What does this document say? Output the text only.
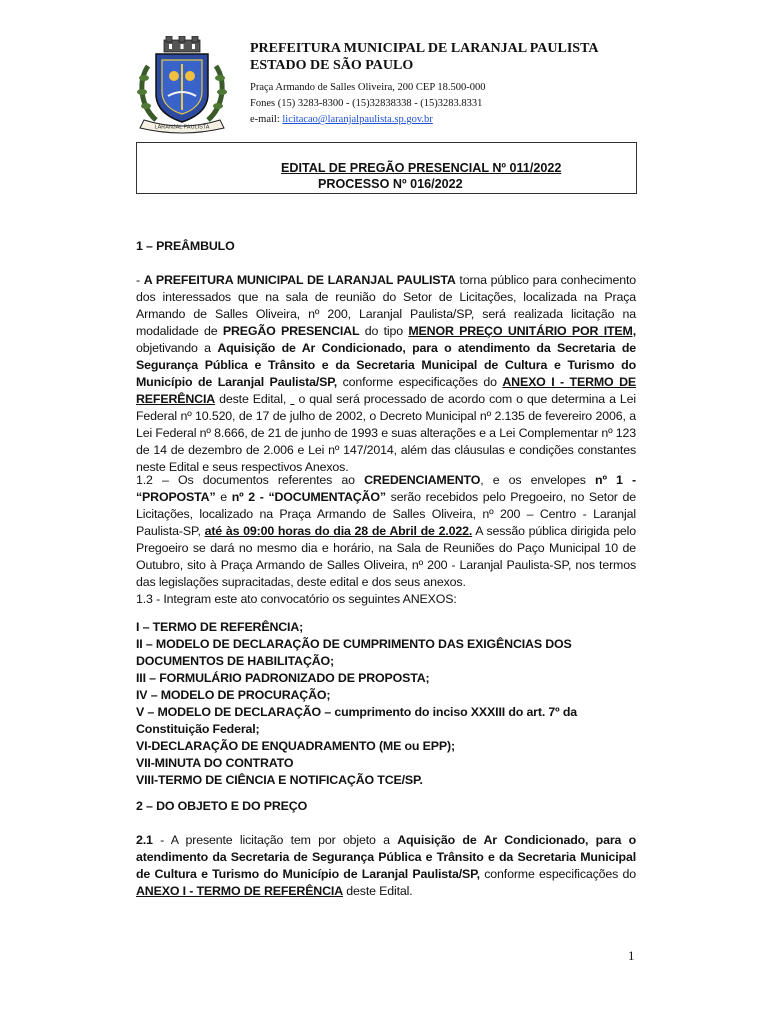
LARANJAL PAULISTA
PREFEITURA MUNICIPAL DE LARANJAL PAULISTA
ESTADO DE SÃO PAULO
Praça Armando de Salles Oliveira, 200 CEP 18.500-000
Fones (15) 3283-8300 - (15)32838338 - (15)3283.8331
e-mail: licitacao@laranjalpaulista.sp.gov.br
EDITAL DE PREGÃO PRESENCIAL Nº 011/2022
PROCESSO Nº 016/2022
1 – PREÂMBULO

- A PREFEITURA MUNICIPAL DE LARANJAL PAULISTA torna público para conhecimento dos interessados que na sala de reunião do Setor de Licitações, localizada na Praça Armando de Salles Oliveira, nº 200, Laranjal Paulista/SP, será realizada licitação na modalidade de PREGÃO PRESENCIAL do tipo MENOR PREÇO UNITÁRIO POR ITEM, objetivando a Aquisição de Ar Condicionado, para o atendimento da Secretaria de Segurança Pública e Trânsito e da Secretaria Municipal de Cultura e Turismo do Município de Laranjal Paulista/SP, conforme especificações do ANEXO I - TERMO DE REFERÊNCIA deste Edital,   o qual será processado de acordo com o que determina a Lei Federal nº 10.520, de 17 de julho de 2002, o Decreto Municipal nº 2.135 de fevereiro 2006, a Lei Federal nº 8.666, de 21 de junho de 1993 e suas alterações e a Lei Complementar nº 123 de 14 de dezembro de 2.006 e Lei nº 147/2014, além das cláusulas e condições constantes neste Edital e seus respectivos Anexos.

1.2 – Os documentos referentes ao CREDENCIAMENTO, e os envelopes nº 1 - “PROPOSTA” e nº 2 - “DOCUMENTAÇÃO” serão recebidos pelo Pregoeiro, no Setor de Licitações, localizado na Praça Armando de Salles Oliveira, nº 200 – Centro - Laranjal Paulista-SP, até às 09:00 horas do dia 28 de Abril de 2.022. A sessão pública dirigida pelo Pregoeiro se dará no mesmo dia e horário, na Sala de Reuniões do Paço Municipal 10 de Outubro, sito à Praça Armando de Salles Oliveira, nº 200 - Laranjal Paulista-SP, nos termos das legislações supracitadas, deste edital e dos seus anexos.

1.3 - Integram este ato convocatório os seguintes ANEXOS:

I – TERMO DE REFERÊNCIA;
II – MODELO DE DECLARAÇÃO DE CUMPRIMENTO DAS EXIGÊNCIAS DOS DOCUMENTOS DE HABILITAÇÃO;
III – FORMULÁRIO PADRONIZADO DE PROPOSTA;
IV – MODELO DE PROCURAÇÃO;
V – MODELO DE DECLARAÇÃO – cumprimento do inciso XXXIII do art. 7º da Constituição Federal;
VI-DECLARAÇÃO DE ENQUADRAMENTO (ME ou EPP);
VII-MINUTA DO CONTRATO
VIII-TERMO DE CIÊNCIA E NOTIFICAÇÃO TCE/SP.
2 – DO OBJETO E DO PREÇO

2.1 - A presente licitação tem por objeto a Aquisição de Ar Condicionado, para o atendimento da Secretaria de Segurança Pública e Trânsito e da Secretaria Municipal de Cultura e Turismo do Município de Laranjal Paulista/SP, conforme especificações do ANEXO I - TERMO DE REFERÊNCIA deste Edital.

1
